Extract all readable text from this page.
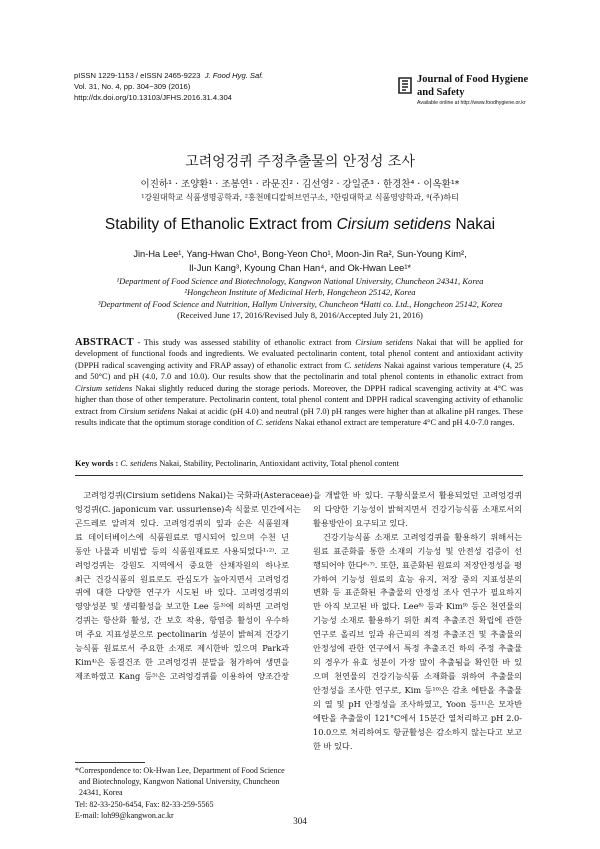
pISSN 1229-1153 / eISSN 2465-9223 J. Food Hyg. Saf.
Vol. 31, No. 4, pp. 304~309 (2016)
http://dx.doi.org/10.13103/JFHS.2016.31.4.304
Journal of Food Hygiene
and Safety
Available online at http://www.foodhygiene.or.kr
고려엉겅퀴 주정추출물의 안정성 조사
이진하¹ · 조양환¹ · 조봉연¹ · 라문진² · 김선영² · 강일준³ · 한경찬⁴ · 이옥환¹*
¹강원대학교 식품생명공학과, ²홍천메디칼허브연구소, ³한림대학교 식품영양학과, ⁴(주)하티
Stability of Ethanolic Extract from Cirsium setidens Nakai
Jin-Ha Lee¹, Yang-Hwan Cho¹, Bong-Yeon Cho¹, Moon-Jin Ra², Sun-Young Kim²,
Il-Jun Kang³, Kyoung Chan Han⁴, and Ok-Hwan Lee¹*
¹Department of Food Science and Biotechnology, Kangwon National University, Chuncheon 24341, Korea
²Hongcheon Institute of Medicinal Herb, Hongcheon 25142, Korea
³Department of Food Science and Nutrition, Hallym University, Chuncheon ⁴Hatti co. Ltd., Hongcheon 25142, Korea
(Received June 17, 2016/Revised July 8, 2016/Accepted July 21, 2016)
ABSTRACT - This study was assessed stability of ethanolic extract from Cirsium setidens Nakai that will be applied for development of functional foods and ingredients. We evaluated pectolinarin content, total phenol content and antioxidant activity (DPPH radical scavenging activity and FRAP assay) of ethanolic extract from C. setidens Nakai against various temperature (4, 25 and 50°C) and pH (4.0, 7.0 and 10.0). Our results show that the pectolinarin and total phenol contents in ethanolic extract from Cirsium setidens Nakai slightly reduced during the storage periods. Moreover, the DPPH radical scavenging activity at 4°C was higher than those of other temperature. Pectolinarin content, total phenol content and DPPH radical scavenging activity of ethanolic extract from Cirsium setidens Nakai at acidic (pH 4.0) and neutral (pH 7.0) pH ranges were higher than at alkaline pH ranges. These results indicate that the optimum storage condition of C. setidens Nakai ethanol extract are temperature 4°C and pH 4.0-7.0 ranges.
Key words : C. setidens Nakai, Stability, Pectolinarin, Antioxidant activity, Total phenol content
　고려엉겅퀴(Cirsium setidens Nakai)는 국화과(Asteraceae)
엉겅퀴(C. japonicum var. ussuriense)속 식물로 민간에서는
곤드레로 알려져 있다. 고려엉겅퀴의 잎과 순은 식품원재
료 데이터베이스에 식품원료로 명시되어 있으며 수천 년
동안 나물과 비빔밥 등의 식품원재료로 사용되었다¹·²⁾. 고
려엉겅퀴는 강원도 지역에서 중요한 산채자원의 하나로
최근 건강식품의 원료로도 관심도가 높아지면서 고려엉겅
퀴에 대한 다양한 연구가 시도된 바 있다. 고려엉겅퀴의
영양성분 및 생리활성을 보고한 Lee 등³⁾에 의하면 고려엉
겅퀴는 항산화 활성, 간 보호 작용, 항염증 활성이 우수하
며 주요 지표성분으로 pectolinarin 성분이 밝혀져 건강기
능식품 원료로서 주요한 소재로 제시한바 있으며 Park과
Kim⁴⁾은 동결건조 한 고려엉겅퀴 분말을 첨가하여 생면을
제조하였고 Kang 등⁵⁾은 고려엉겅퀴를 이용하여 양조간장
을 개발한 바 있다. 구황식물로서 활용되었던 고려엉겅퀴
의 다양한 기능성이 밝혀지면서 건강기능식품 소재로서의
활용방안이 요구되고 있다.
　건강기능식품 소재로 고려엉겅퀴를 활용하기 위해서는
원료 표준화를 통한 소재의 기능성 및 안전성 검증이 선
행되어야 한다⁶·⁷⁾. 또한, 표준화된 원료의 저장안정성을 평
가하여 기능성 원료의 효능 유지, 저장 중의 지표성분의
변화 등 표준화된 추출물의 안정성 조사 연구가 필요하지
만 아직 보고된 바 없다. Lee⁸⁾ 등과 Kim⁹⁾ 등은 천연물의
기능성 소재로 활용하기 위한 최적 추출조건 확립에 관한
연구로 올리브 잎과 유근피의 적정 추출조건 및 추출물의
안정성에 관한 연구에서 특정 추출조건 하의 주정 추출물
의 경우가 유효 성분이 가장 많이 추출됨을 확인한 바 있
으며 천연물의 건강기능식품 소재화를 위하여 추출물의
안정성을 조사한 연구로, Kim 등¹⁰⁾은 감초 에탄올 추출물
의 열 및 pH 안정성을 조사하였고, Yoon 등¹¹⁾은 모자반
에탄올 추출물이 121°C에서 15분간 열처리하고 pH 2.0-
10.0으로 처리하여도 항균활성은 감소하지 않는다고 보고
한 바 있다.
*Correspondence to: Ok-Hwan Lee, Department of Food Science
and Biotechnology, Kangwon National University, Chuncheon
24341, Korea
Tel: 82-33-250-6454, Fax: 82-33-259-5565
E-mail: loh99@kangwon.ac.kr
304
